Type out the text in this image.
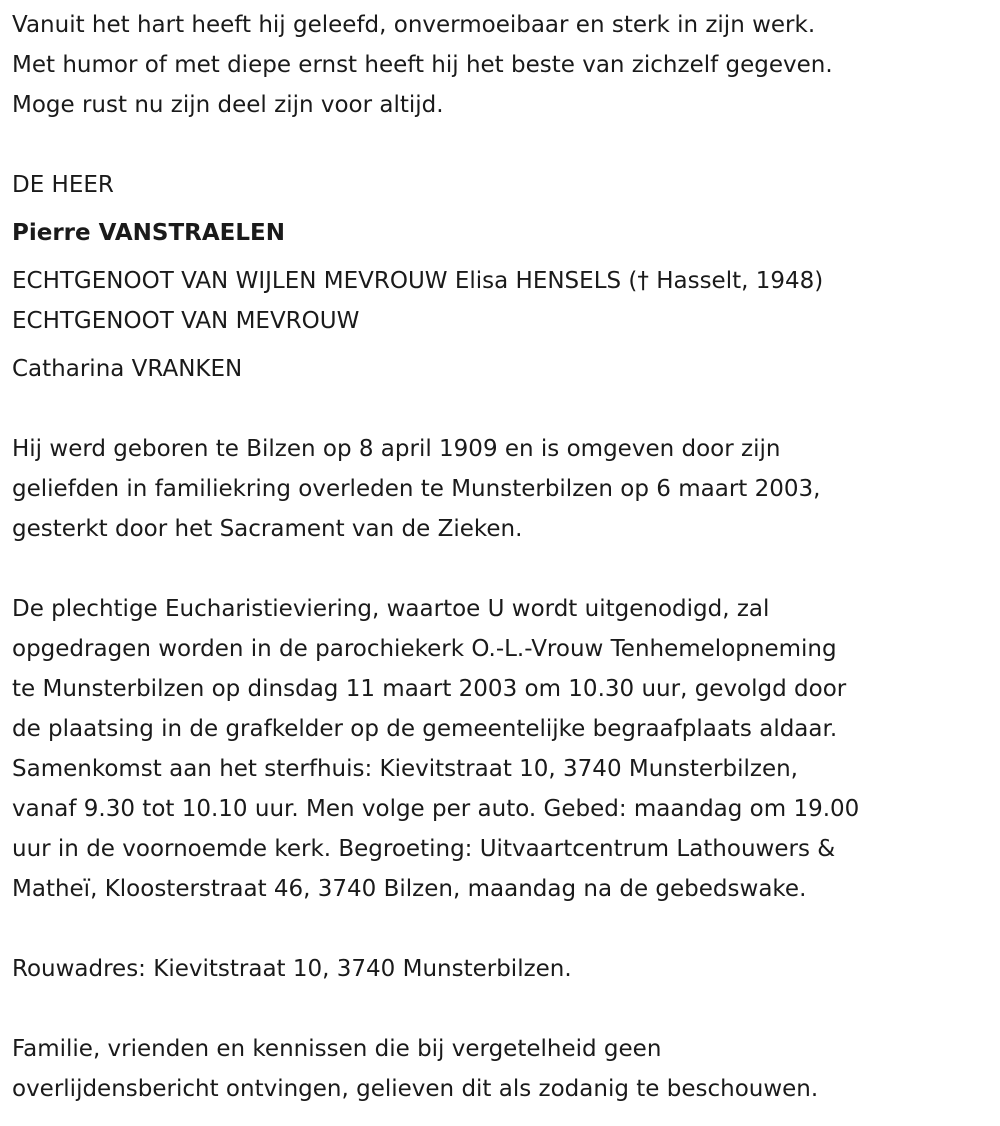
Vanuit het hart heeft hij geleefd, onvermoeibaar en sterk in zijn werk.
Met humor of met diepe ernst heeft hij het beste van zichzelf gegeven.
Moge rust nu zijn deel zijn voor altijd.
DE HEER
Pierre VANSTRAELEN
ECHTGENOOT VAN WIJLEN MEVROUW Elisa HENSELS († Hasselt, 1948)
ECHTGENOOT VAN MEVROUW
Catharina VRANKEN
Hij werd geboren te Bilzen op 8 april 1909 en is omgeven door zijn
geliefden in familiekring overleden te Munsterbilzen op 6 maart 2003,
gesterkt door het Sacrament van de Zieken.
De plechtige Eucharistieviering, waartoe U wordt uitgenodigd, zal
opgedragen worden in de parochiekerk O.-L.-Vrouw Tenhemelopneming
te Munsterbilzen op dinsdag 11 maart 2003 om 10.30 uur, gevolgd door
de plaatsing in de grafkelder op de gemeentelijke begraafplaats aldaar.
Samenkomst aan het sterfhuis: Kievitstraat 10, 3740 Munsterbilzen,
vanaf 9.30 tot 10.10 uur. Men volge per auto. Gebed: maandag om 19.00
uur in de voornoemde kerk. Begroeting: Uitvaartcentrum Lathouwers &
Matheï, Kloosterstraat 46, 3740 Bilzen, maandag na de gebedswake.
Rouwadres: Kievitstraat 10, 3740 Munsterbilzen.
Familie, vrienden en kennissen die bij vergetelheid geen
overlijdensbericht ontvingen, gelieven dit als zodanig te beschouwen.
